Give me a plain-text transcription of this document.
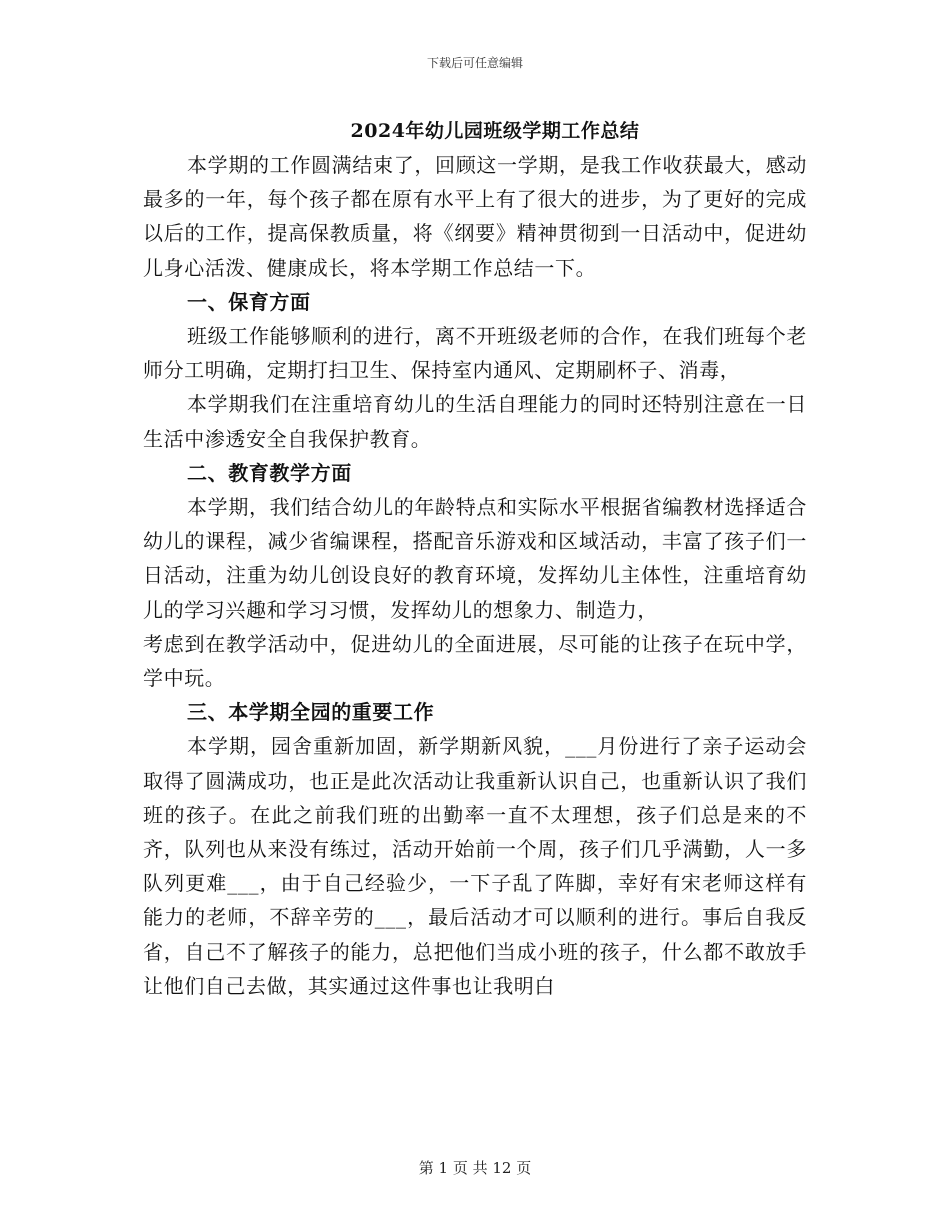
下载后可任意编辑
2024年幼儿园班级学期工作总结

本学期的工作圆满结束了，回顾这一学期，是我工作收获最大，感动最多的一年，每个孩子都在原有水平上有了很大的进步，为了更好的完成以后的工作，提高保教质量，将《纲要》精神贯彻到一日活动中，促进幼儿身心活泼、健康成长，将本学期工作总结一下。

一、保育方面

班级工作能够顺利的进行，离不开班级老师的合作，在我们班每个老师分工明确，定期打扫卫生、保持室内通风、定期刷杯子、消毒，

本学期我们在注重培育幼儿的生活自理能力的同时还特别注意在一日生活中渗透安全自我保护教育。

二、教育教学方面

本学期，我们结合幼儿的年龄特点和实际水平根据省编教材选择适合幼儿的课程，减少省编课程，搭配音乐游戏和区域活动，丰富了孩子们一日活动，注重为幼儿创设良好的教育环境，发挥幼儿主体性，注重培育幼儿的学习兴趣和学习习惯，发挥幼儿的想象力、制造力，

考虑到在教学活动中，促进幼儿的全面进展，尽可能的让孩子在玩中学，学中玩。

三、本学期全园的重要工作

本学期，园舍重新加固，新学期新风貌，___月份进行了亲子运动会取得了圆满成功，也正是此次活动让我重新认识自己，也重新认识了我们班的孩子。在此之前我们班的出勤率一直不太理想，孩子们总是来的不齐，队列也从来没有练过，活动开始前一个周，孩子们几乎满勤，人一多队列更难___，由于自己经验少，一下子乱了阵脚，幸好有宋老师这样有能力的老师，不辞辛劳的___，最后活动才可以顺利的进行。事后自我反省，自己不了解孩子的能力，总把他们当成小班的孩子，什么都不敢放手让他们自己去做，其实通过这件事也让我明白

第 1 页 共 12 页
